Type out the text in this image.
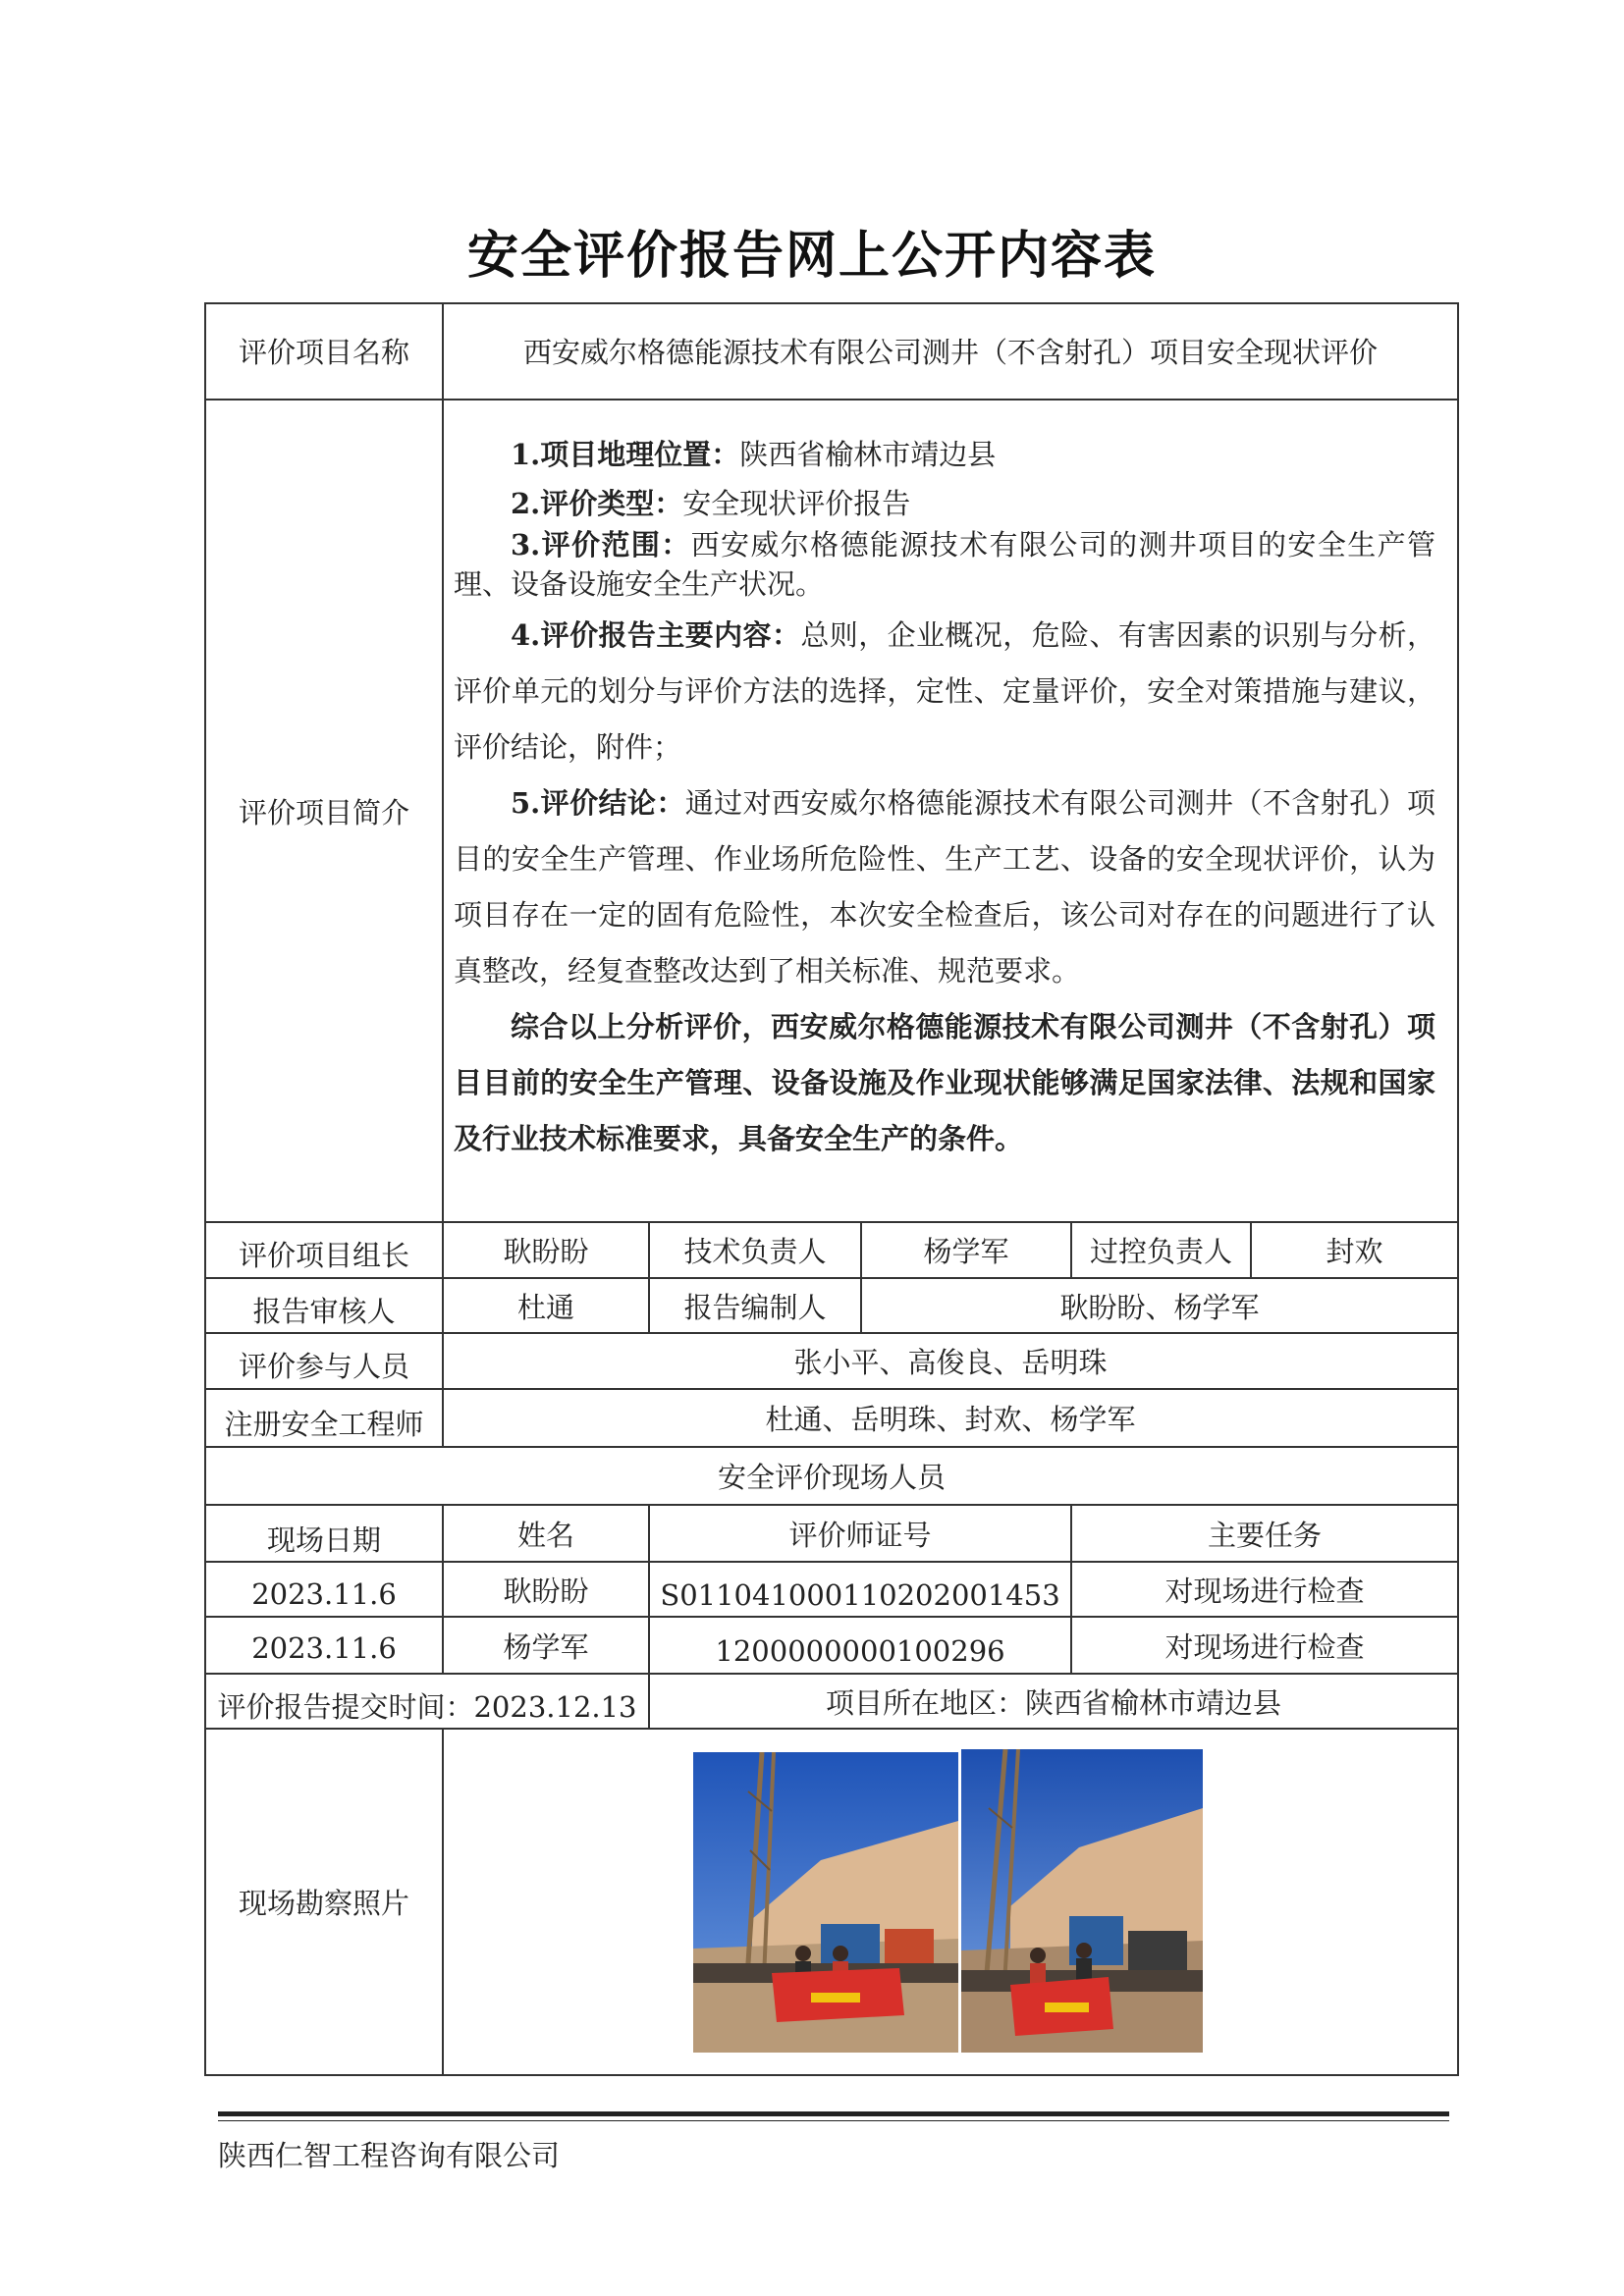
安全评价报告网上公开内容表
评价项目名称	西安威尔格德能源技术有限公司测井（不含射孔）项目安全现状评价
评价项目简介

1.项目地理位置：陕西省榆林市靖边县

2.评价类型：安全现状评价报告

3.评价范围：西安威尔格德能源技术有限公司的测井项目的安全生产管理、设备设施安全生产状况。

4.评价报告主要内容：总则，企业概况，危险、有害因素的识别与分析，评价单元的划分与评价方法的选择，定性、定量评价，安全对策措施与建议，评价结论，附件；

5.评价结论：通过对西安威尔格德能源技术有限公司测井（不含射孔）项目的安全生产管理、作业场所危险性、生产工艺、设备的安全现状评价，认为项目存在一定的固有危险性，本次安全检查后，该公司对存在的问题进行了认真整改，经复查整改达到了相关标准、规范要求。

综合以上分析评价，西安威尔格德能源技术有限公司测井（不含射孔）项目目前的安全生产管理、设备设施及作业现状能够满足国家法律、法规和国家及行业技术标准要求，具备安全生产的条件。

评价项目组长	耿盼盼	技术负责人	杨学军	过控负责人	封欢
报告审核人	杜通	报告编制人	耿盼盼、杨学军
评价参与人员	张小平、高俊良、岳明珠
注册安全工程师	杜通、岳明珠、封欢、杨学军
安全评价现场人员
现场日期	姓名	评价师证号	主要任务
2023.11.6	耿盼盼	S011041000110202001453	对现场进行检查
2023.11.6	杨学军	1200000000100296	对现场进行检查
评价报告提交时间：2023.12.13	项目所在地区：陕西省榆林市靖边县
现场勘察照片
陕西仁智工程咨询有限公司
